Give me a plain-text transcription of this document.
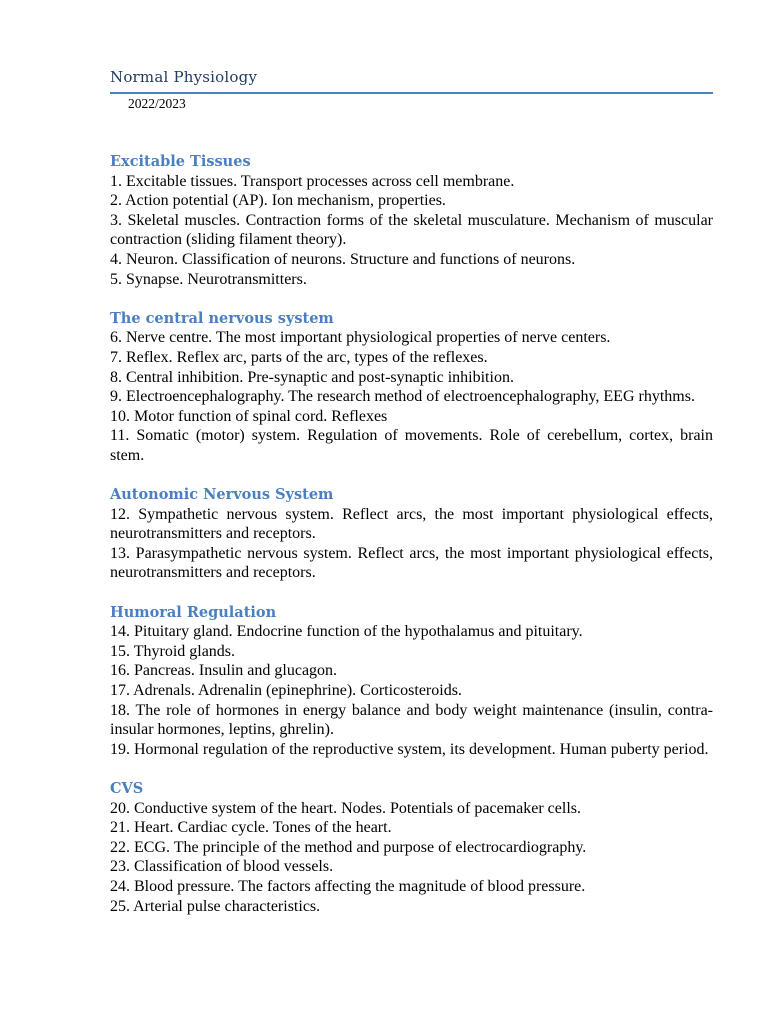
Normal Physiology
2022/2023
Excitable Tissues
1. Excitable tissues. Transport processes across cell membrane.
2. Action potential (AP). Ion mechanism, properties.
3. Skeletal muscles. Contraction forms of the skeletal musculature. Mechanism of muscular contraction (sliding filament theory).
4. Neuron. Classification of neurons. Structure and functions of neurons.
5. Synapse. Neurotransmitters.
The central nervous system
6. Nerve centre. The most important physiological properties of nerve centers.
7. Reflex. Reflex arc, parts of the arc, types of the reflexes.
8. Central inhibition. Pre-synaptic and post-synaptic inhibition.
9. Electroencephalography. The research method of electroencephalography, EEG rhythms.
10. Motor function of spinal cord. Reflexes
11. Somatic (motor) system. Regulation of movements. Role of cerebellum, cortex, brain stem.
Autonomic Nervous System
12. Sympathetic nervous system. Reflect arcs, the most important physiological effects, neurotransmitters and receptors.
13. Parasympathetic nervous system. Reflect arcs, the most important physiological effects, neurotransmitters and receptors.
Humoral Regulation
14. Pituitary gland. Endocrine function of the hypothalamus and pituitary.
15. Thyroid glands.
16. Pancreas. Insulin and glucagon.
17. Adrenals. Adrenalin (epinephrine). Corticosteroids.
18. The role of hormones in energy balance and body weight maintenance (insulin, contra-insular hormones, leptins, ghrelin).
19. Hormonal regulation of the reproductive system, its development. Human puberty period.
CVS
20. Conductive system of the heart. Nodes. Potentials of pacemaker cells.
21. Heart. Cardiac cycle. Tones of the heart.
22. ECG. The principle of the method and purpose of electrocardiography.
23. Classification of blood vessels.
24. Blood pressure. The factors affecting the magnitude of blood pressure.
25. Arterial pulse characteristics.
